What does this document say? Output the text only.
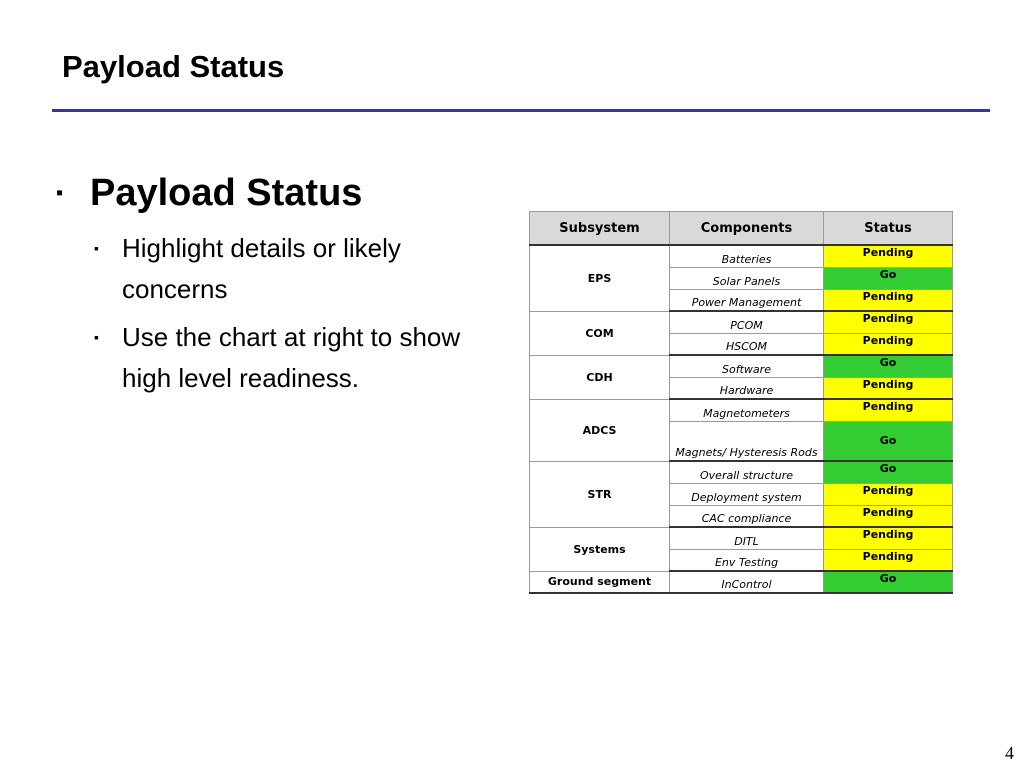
Payload Status
▪ Payload Status
▪ Highlight details or likely concerns
▪ Use the chart at right to show high level readiness.
Subsystem	Components	Status
EPS	Batteries	Pending
	Solar Panels	Go
	Power Management	Pending
COM	PCOM	Pending
	HSCOM	Pending
CDH	Software	Go
	Hardware	Pending
ADCS	Magnetometers	Pending
	Magnets/ Hysteresis Rods	Go
STR	Overall structure	Go
	Deployment system	Pending
	CAC compliance	Pending
Systems	DITL	Pending
	Env Testing	Pending
Ground segment	InControl	Go
4
